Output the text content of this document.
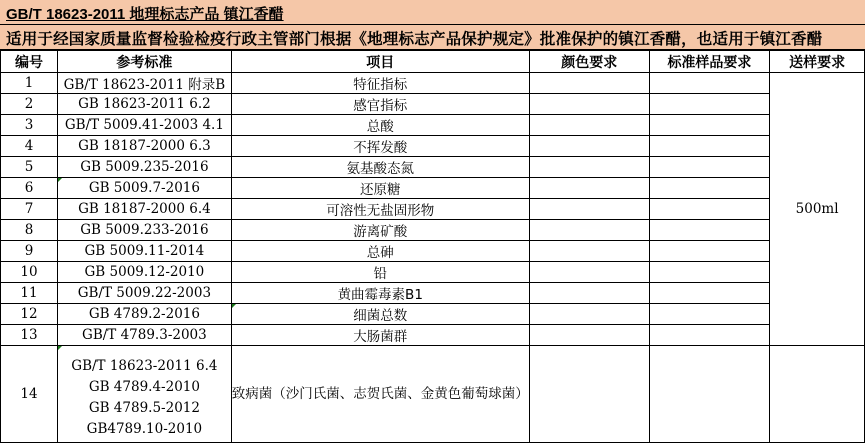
GB/T 18623-2011 地理标志产品 镇江香醋
适用于经国家质量监督检验检疫行政主管部门根据《地理标志产品保护规定》批准保护的镇江香醋，也适用于镇江香醋
编号	参考标准	项目	颜色要求	标准样品要求	送样要求
1	GB/T 18623-2011 附录B	特征指标			500ml
2	GB 18623-2011 6.2	感官指标			
3	GB/T 5009.41-2003 4.1	总酸			
4	GB 18187-2000 6.3	不挥发酸			
5	GB 5009.235-2016	氨基酸态氮			
6	GB 5009.7-2016	还原糖			
7	GB 18187-2000 6.4	可溶性无盐固形物			
8	GB 5009.233-2016	游离矿酸			
9	GB 5009.11-2014	总砷			
10	GB 5009.12-2010	铅			
11	GB/T 5009.22-2003	黄曲霉毒素B1			
12	GB 4789.2-2016	细菌总数			
13	GB/T 4789.3-2003	大肠菌群			
14	GB/T 18623-2011 6.4
GB 4789.4-2010
GB 4789.5-2012
GB4789.10-2010	致病菌（沙门氏菌、志贺氏菌、金黄色葡萄球菌）			
